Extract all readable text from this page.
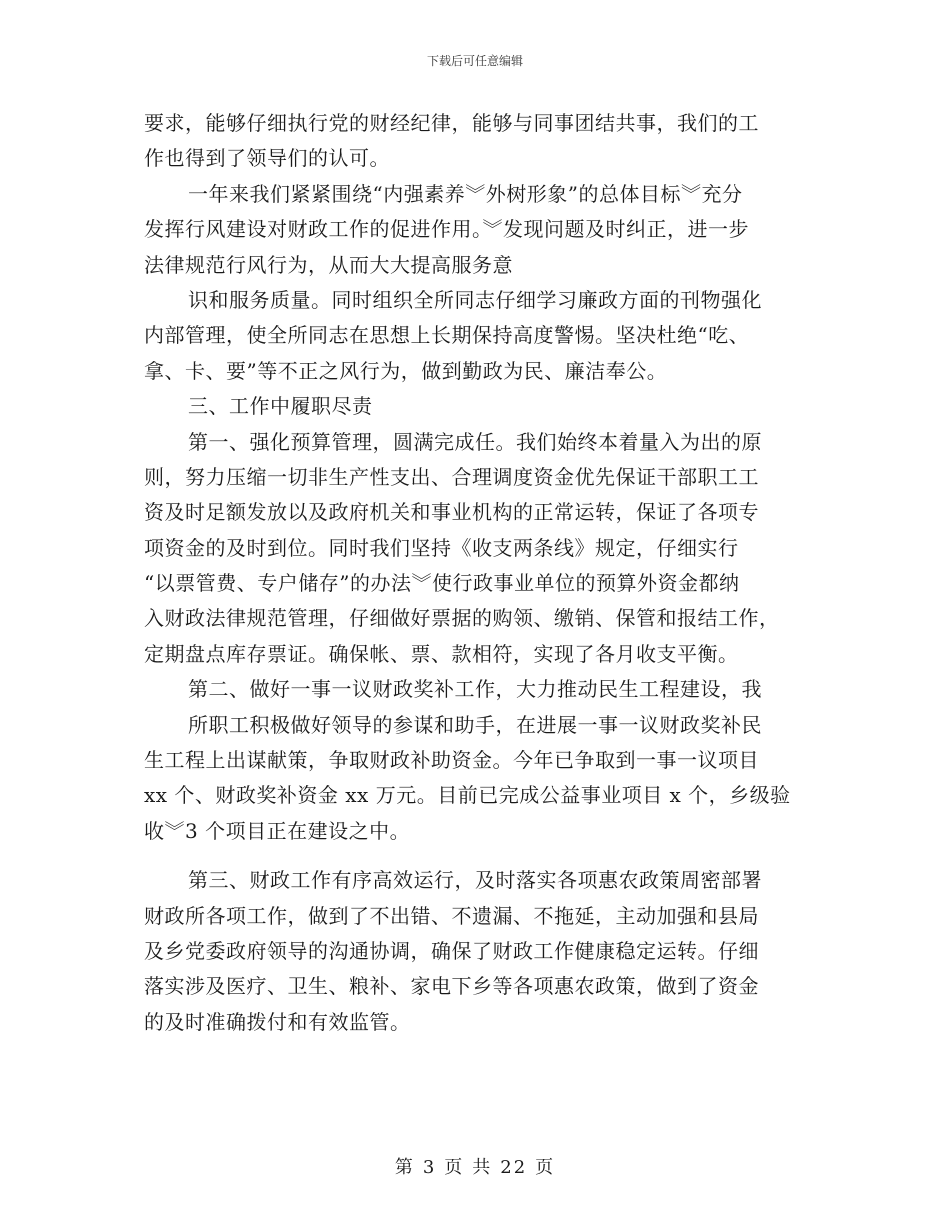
下载后可任意编辑
要求，能够仔细执行党的财经纪律，能够与同事团结共事，我们的工
作也得到了领导们的认可。
一年来我们紧紧围绕“内强素养︾外树形象”的总体目标︾充分
发挥行风建设对财政工作的促进作用。︾发现问题及时纠正，进一步
法律规范行风行为，从而大大提高服务意
识和服务质量。同时组织全所同志仔细学习廉政方面的刊物强化
内部管理，使全所同志在思想上长期保持高度警惕。坚决杜绝“吃、
拿、卡、要”等不正之风行为，做到勤政为民、廉洁奉公。
三、工作中履职尽责
第一、强化预算管理，圆满完成任。我们始终本着量入为出的原
则，努力压缩一切非生产性支出、合理调度资金优先保证干部职工工
资及时足额发放以及政府机关和事业机构的正常运转，保证了各项专
项资金的及时到位。同时我们坚持《收支两条线》规定，仔细实行
“以票管费、专户储存”的办法︾使行政事业单位的预算外资金都纳
入财政法律规范管理，仔细做好票据的购领、缴销、保管和报结工作，
定期盘点库存票证。确保帐、票、款相符，实现了各月收支平衡。
第二、做好一事一议财政奖补工作，大力推动民生工程建设，我
所职工积极做好领导的参谋和助手，在进展一事一议财政奖补民
生工程上出谋献策，争取财政补助资金。今年已争取到一事一议项目
xx 个、财政奖补资金 xx 万元。目前已完成公益事业项目 x 个，乡级验
收︾3 个项目正在建设之中。
第三、财政工作有序高效运行，及时落实各项惠农政策周密部署
财政所各项工作，做到了不出错、不遗漏、不拖延，主动加强和县局
及乡党委政府领导的沟通协调，确保了财政工作健康稳定运转。仔细
落实涉及医疗、卫生、粮补、家电下乡等各项惠农政策，做到了资金
的及时准确拨付和有效监管。
第 3 页 共 22 页
